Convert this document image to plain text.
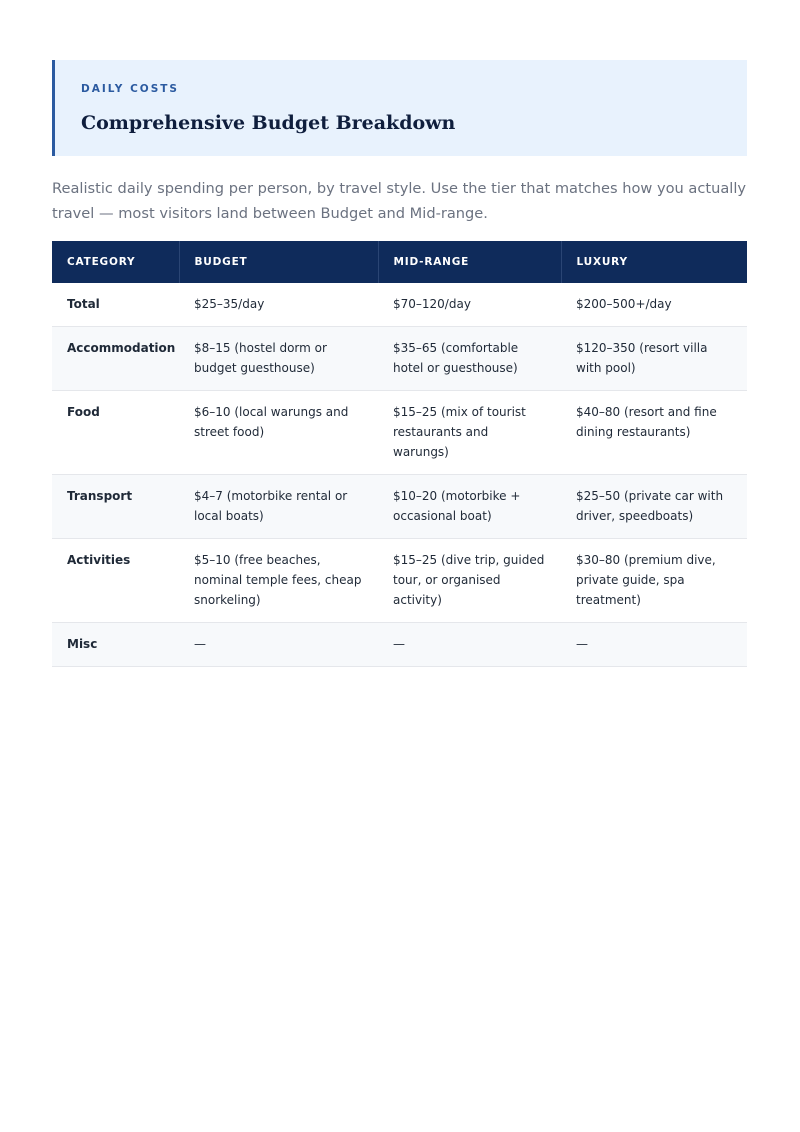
DAILY COSTS
Comprehensive Budget Breakdown

Realistic daily spending per person, by travel style. Use the tier that matches how you actually travel — most visitors land between Budget and Mid-range.

CATEGORY	BUDGET	MID-RANGE	LUXURY
Total	$25–35/day	$70–120/day	$200–500+/day
Accommodation	$8–15 (hostel dorm or budget guesthouse)	$35–65 (comfortable hotel or guesthouse)	$120–350 (resort villa with pool)
Food	$6–10 (local warungs and street food)	$15–25 (mix of tourist restaurants and warungs)	$40–80 (resort and fine dining restaurants)
Transport	$4–7 (motorbike rental or local boats)	$10–20 (motorbike + occasional boat)	$25–50 (private car with driver, speedboats)
Activities	$5–10 (free beaches, nominal temple fees, cheap snorkeling)	$15–25 (dive trip, guided tour, or organised activity)	$30–80 (premium dive, private guide, spa treatment)
Misc	—	—	—
